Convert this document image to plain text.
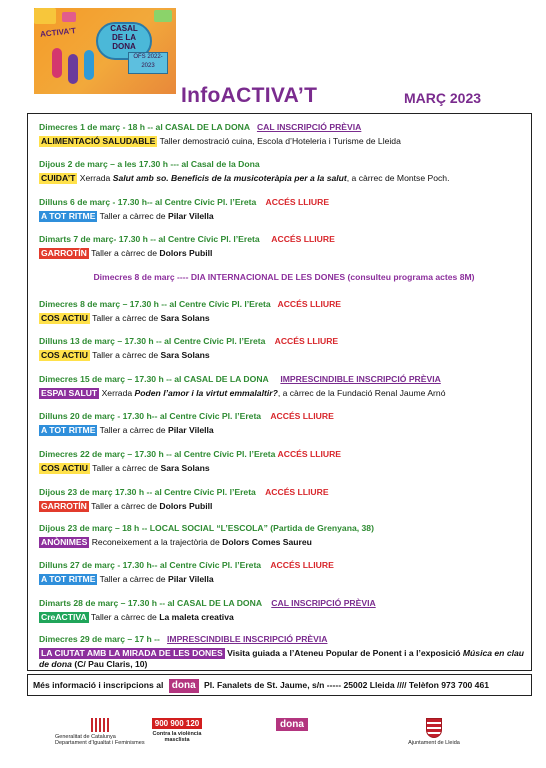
ACTIVA'T	CASAL
DE LA
DONA
OFS 2022-2023
InfoACTIVA’T	MARÇ 2023
Dimecres 1 de març - 18 h -- al CASAL DE LA DONA CAL INSCRIPCIÓ PRÈVIA
ALIMENTACIÓ SALUDABLE Taller demostració cuina, Escola d’Hoteleria i Turisme de Lleida
Dijous 2 de març – a les 17.30 h --- al Casal de la Dona
CUIDA’T Xerrada Salut amb so. Beneficis de la musicoteràpia per a la salut, a càrrec de Montse Poch.
Dilluns 6 de març - 17.30 h-- al Centre Cívic Pl. l’Ereta ACCÉS LLIURE
A TOT RITME Taller a càrrec de Pilar Vilella
Dimarts 7 de març- 17.30 h -- al Centre Cívic Pl. l’Ereta ACCÉS LLIURE
GARROTÍN Taller a càrrec de Dolors Pubill
Dimecres 8 de març ---- DIA INTERNACIONAL DE LES DONES (consulteu programa actes 8M)
Dimecres 8 de març – 17.30 h -- al Centre Cívic Pl. l’Ereta ACCÉS LLIURE
COS ACTIU Taller a càrrec de Sara Solans
Dilluns 13 de març – 17.30 h -- al Centre Cívic Pl. l’Ereta ACCÉS LLIURE
COS ACTIU Taller a càrrec de Sara Solans
Dimecres 15 de març – 17.30 h -- al CASAL DE LA DONA IMPRESCINDIBLE INSCRIPCIÓ PRÈVIA
ESPAI SALUT Xerrada Poden l’amor i la virtut emmalaltir?, a càrrec de la Fundació Renal Jaume Arnó
Dilluns 20 de març - 17.30 h-- al Centre Cívic Pl. l’Ereta ACCÉS LLIURE
A TOT RITME Taller a càrrec de Pilar Vilella
Dimecres 22 de març – 17.30 h -- al Centre Cívic Pl. l’Ereta ACCÉS LLIURE
COS ACTIU Taller a càrrec de Sara Solans
Dijous 23 de març 17.30 h -- al Centre Cívic Pl. l’Ereta ACCÉS LLIURE
GARROTÍN Taller a càrrec de Dolors Pubill
Dijous 23 de març – 18 h -- LOCAL SOCIAL “L’ESCOLA” (Partida de Grenyana, 38)
ANÒNIMES Reconeixement a la trajectòria de Dolors Comes Saureu
Dilluns 27 de març - 17.30 h-- al Centre Cívic Pl. l’Ereta ACCÉS LLIURE
A TOT RITME Taller a càrrec de Pilar Vilella
Dimarts 28 de març – 17.30 h -- al CASAL DE LA DONA CAL INSCRIPCIÓ PRÈVIA
CreACTIVA Taller a càrrec de La maleta creativa
Dimecres 29 de març – 17 h -- IMPRESCINDIBLE INSCRIPCIÓ PRÈVIA
LA CIUTAT AMB LA MIRADA DE LES DONES Visita guiada a l’Ateneu Popular de Ponent i a l’exposició Música en clau de dona (C/ Pau Claris, 10)
Més informació i inscripcions al dona Pl. Fanalets de St. Jaume, s/n ----- 25002 Lleida //// Telèfon 973 700 461
Generalitat de Catalunya
Departament d’Igualtat i Feminismes
900 900 120
Contra la violència
masclista
dona
Ajuntament de Lleida
